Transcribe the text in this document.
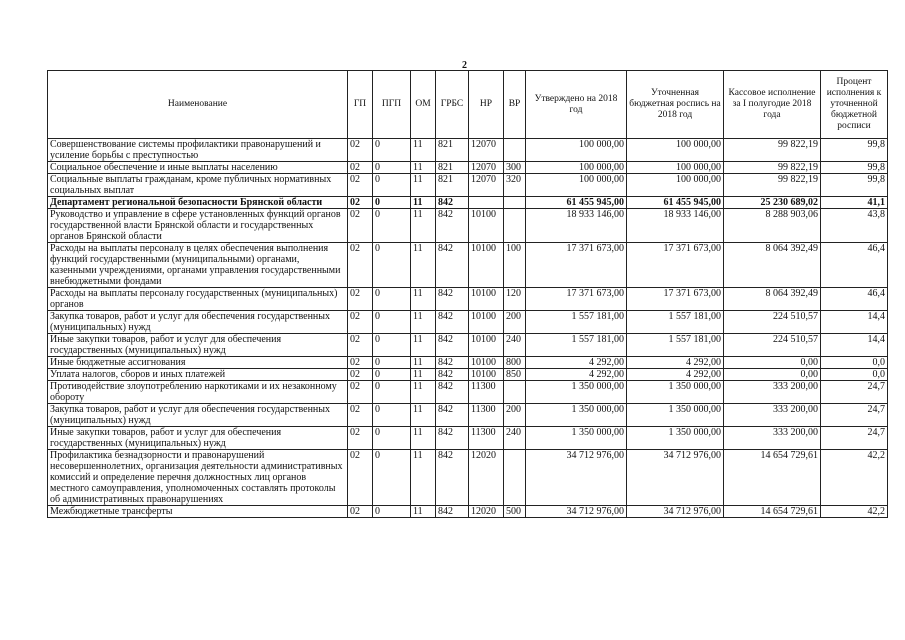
2
Наименование	ГП	ПГП	ОМ	ГРБС	НР	ВР	Утверждено на 2018 год	Уточненная бюджетная роспись на 2018 год	Кассовое исполнение за I полугодие 2018 года	Процент исполнения к уточненной бюджетной росписи
Совершенствование системы профилактики правонарушений и усиление борьбы с преступностью	02	0	11	821	12070		100 000,00	100 000,00	99 822,19	99,8
Социальное обеспечение и иные выплаты населению	02	0	11	821	12070	300	100 000,00	100 000,00	99 822,19	99,8
Социальные выплаты гражданам, кроме публичных нормативных социальных выплат	02	0	11	821	12070	320	100 000,00	100 000,00	99 822,19	99,8
Департамент региональной безопасности Брянской области	02	0	11	842			61 455 945,00	61 455 945,00	25 230 689,02	41,1
Руководство и управление в сфере установленных функций органов государственной власти Брянской области и государственных органов Брянской области	02	0	11	842	10100		18 933 146,00	18 933 146,00	8 288 903,06	43,8
Расходы на выплаты персоналу в целях обеспечения выполнения функций государственными (муниципальными) органами, казенными учреждениями, органами управления государственными внебюджетными фондами	02	0	11	842	10100	100	17 371 673,00	17 371 673,00	8 064 392,49	46,4
Расходы на выплаты персоналу государственных (муниципальных) органов	02	0	11	842	10100	120	17 371 673,00	17 371 673,00	8 064 392,49	46,4
Закупка товаров, работ и услуг для обеспечения государственных (муниципальных) нужд	02	0	11	842	10100	200	1 557 181,00	1 557 181,00	224 510,57	14,4
Иные закупки товаров, работ и услуг для обеспечения государственных (муниципальных) нужд	02	0	11	842	10100	240	1 557 181,00	1 557 181,00	224 510,57	14,4
Иные бюджетные ассигнования	02	0	11	842	10100	800	4 292,00	4 292,00	0,00	0,0
Уплата налогов, сборов и иных платежей	02	0	11	842	10100	850	4 292,00	4 292,00	0,00	0,0
Противодействие злоупотреблению наркотиками и их незаконному обороту	02	0	11	842	11300		1 350 000,00	1 350 000,00	333 200,00	24,7
Закупка товаров, работ и услуг для обеспечения государственных (муниципальных) нужд	02	0	11	842	11300	200	1 350 000,00	1 350 000,00	333 200,00	24,7
Иные закупки товаров, работ и услуг для обеспечения государственных (муниципальных) нужд	02	0	11	842	11300	240	1 350 000,00	1 350 000,00	333 200,00	24,7
Профилактика безнадзорности и правонарушений несовершеннолетних, организация деятельности административных комиссий и определение перечня должностных лиц органов местного самоуправления, уполномоченных составлять протоколы об административных правонарушениях	02	0	11	842	12020		34 712 976,00	34 712 976,00	14 654 729,61	42,2
Межбюджетные трансферты	02	0	11	842	12020	500	34 712 976,00	34 712 976,00	14 654 729,61	42,2
